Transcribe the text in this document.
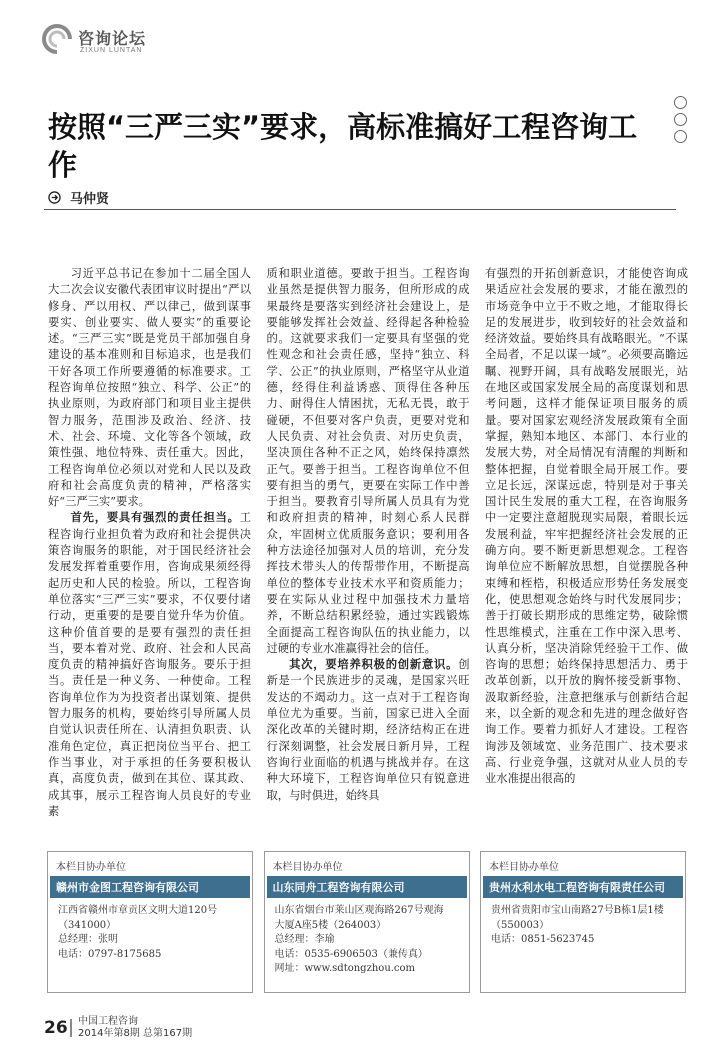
咨询论坛
ZIXUN LUNTAN
按照“三严三实”要求，高标准搞好工程咨询工作
马仲贤

习近平总书记在参加十二届全国人大二次会议安徽代表团审议时提出“严以修身、严以用权、严以律己，做到谋事要实、创业要实、做人要实”的重要论述。“三严三实”既是党员干部加强自身建设的基本准则和目标追求，也是我们干好各项工作所要遵循的标准要求。工程咨询单位按照“独立、科学、公正”的执业原则，为政府部门和项目业主提供智力服务，范围涉及政治、经济、技术、社会、环境、文化等各个领域，政策性强、地位特殊、责任重大。因此，工程咨询单位必须以对党和人民以及政府和社会高度负责的精神，严格落实好“三严三实”要求。

首先，要具有强烈的责任担当。工程咨询行业担负着为政府和社会提供决策咨询服务的职能，对于国民经济社会发展发挥着重要作用，咨询成果须经得起历史和人民的检验。所以，工程咨询单位落实“三严三实”要求，不仅要付诸行动，更重要的是要自觉升华为价值。这种价值首要的是要有强烈的责任担当，要本着对党、政府、社会和人民高度负责的精神搞好咨询服务。要乐于担当。责任是一种义务、一种使命。工程咨询单位作为为投资者出谋划策、提供智力服务的机构，要始终引导所属人员自觉认识责任所在、认清担负职责、认准角色定位，真正把岗位当平台、把工作当事业，对于承担的任务要积极认真，高度负责，做到在其位、谋其政、成其事，展示工程咨询人员良好的专业素

质和职业道德。要敢于担当。工程咨询业虽然是提供智力服务，但所形成的成果最终是要落实到经济社会建设上，是要能够发挥社会效益、经得起各种检验的。这就要求我们一定要具有坚强的党性观念和社会责任感，坚持“独立、科学、公正”的执业原则，严格坚守从业道德，经得住利益诱惑、顶得住各种压力、耐得住人情困扰，无私无畏，敢于碰硬，不但要对客户负责，更要对党和人民负责、对社会负责、对历史负责，坚决顶住各种不正之风，始终保持凛然正气。要善于担当。工程咨询单位不但要有担当的勇气，更要在实际工作中善于担当。要教育引导所属人员具有为党和政府担责的精神，时刻心系人民群众，牢固树立优质服务意识；要利用各种方法途径加强对人员的培训，充分发挥技术带头人的传帮带作用，不断提高单位的整体专业技术水平和资质能力；要在实际从业过程中加强技术力量培养，不断总结积累经验，通过实践锻炼全面提高工程咨询队伍的执业能力，以过硬的专业水准赢得社会的信任。

其次，要培养积极的创新意识。创新是一个民族进步的灵魂，是国家兴旺发达的不竭动力。这一点对于工程咨询单位尤为重要。当前，国家已进入全面深化改革的关键时期，经济结构正在进行深刻调整，社会发展日新月异，工程咨询行业面临的机遇与挑战并存。在这种大环境下，工程咨询单位只有锐意进取，与时俱进，始终具

有强烈的开拓创新意识，才能使咨询成果适应社会发展的要求，才能在激烈的市场竞争中立于不败之地，才能取得长足的发展进步，收到较好的社会效益和经济效益。要始终具有战略眼光。“不谋全局者，不足以谋一域”。必须要高瞻远瞩、视野开阔，具有战略发展眼光，站在地区或国家发展全局的高度谋划和思考问题，这样才能保证项目服务的质量。要对国家宏观经济发展政策有全面掌握，熟知本地区、本部门、本行业的发展大势，对全局情况有清醒的判断和整体把握，自觉着眼全局开展工作。要立足长远，深谋远虑，特别是对于事关国计民生发展的重大工程，在咨询服务中一定要注意超脱现实局限，着眼长远发展利益，牢牢把握经济社会发展的正确方向。要不断更新思想观念。工程咨询单位应不断解放思想，自觉摆脱各种束缚和桎梏，积极适应形势任务发展变化，使思想观念始终与时代发展同步；善于打破长期形成的思维定势，破除惯性思维模式，注重在工作中深入思考、认真分析，坚决消除凭经验干工作、做咨询的思想；始终保持思想活力、勇于改革创新，以开放的胸怀接受新事物、汲取新经验，注意把继承与创新结合起来，以全新的观念和先进的理念做好咨询工作。要着力抓好人才建设。工程咨询涉及领域宽、业务范围广、技术要求高、行业竞争强，这就对从业人员的专业水准提出很高的

本栏目协办单位
赣州市金图工程咨询有限公司
江西省赣州市章贡区文明大道120号
（341000）
总经理：张明
电话：0797-8175685
本栏目协办单位
山东同舟工程咨询有限公司
山东省烟台市莱山区观海路267号观海
大厦A座5楼（264003）
总经理：李瑜
电话：0535-6906503（兼传真）
网址：www.sdtongzhou.com
本栏目协办单位
贵州水利水电工程咨询有限责任公司
贵州省贵阳市宝山南路27号B栋1层1楼
（550003）
电话：0851-5623745
26 中国工程咨询
2014年第8期 总第167期
